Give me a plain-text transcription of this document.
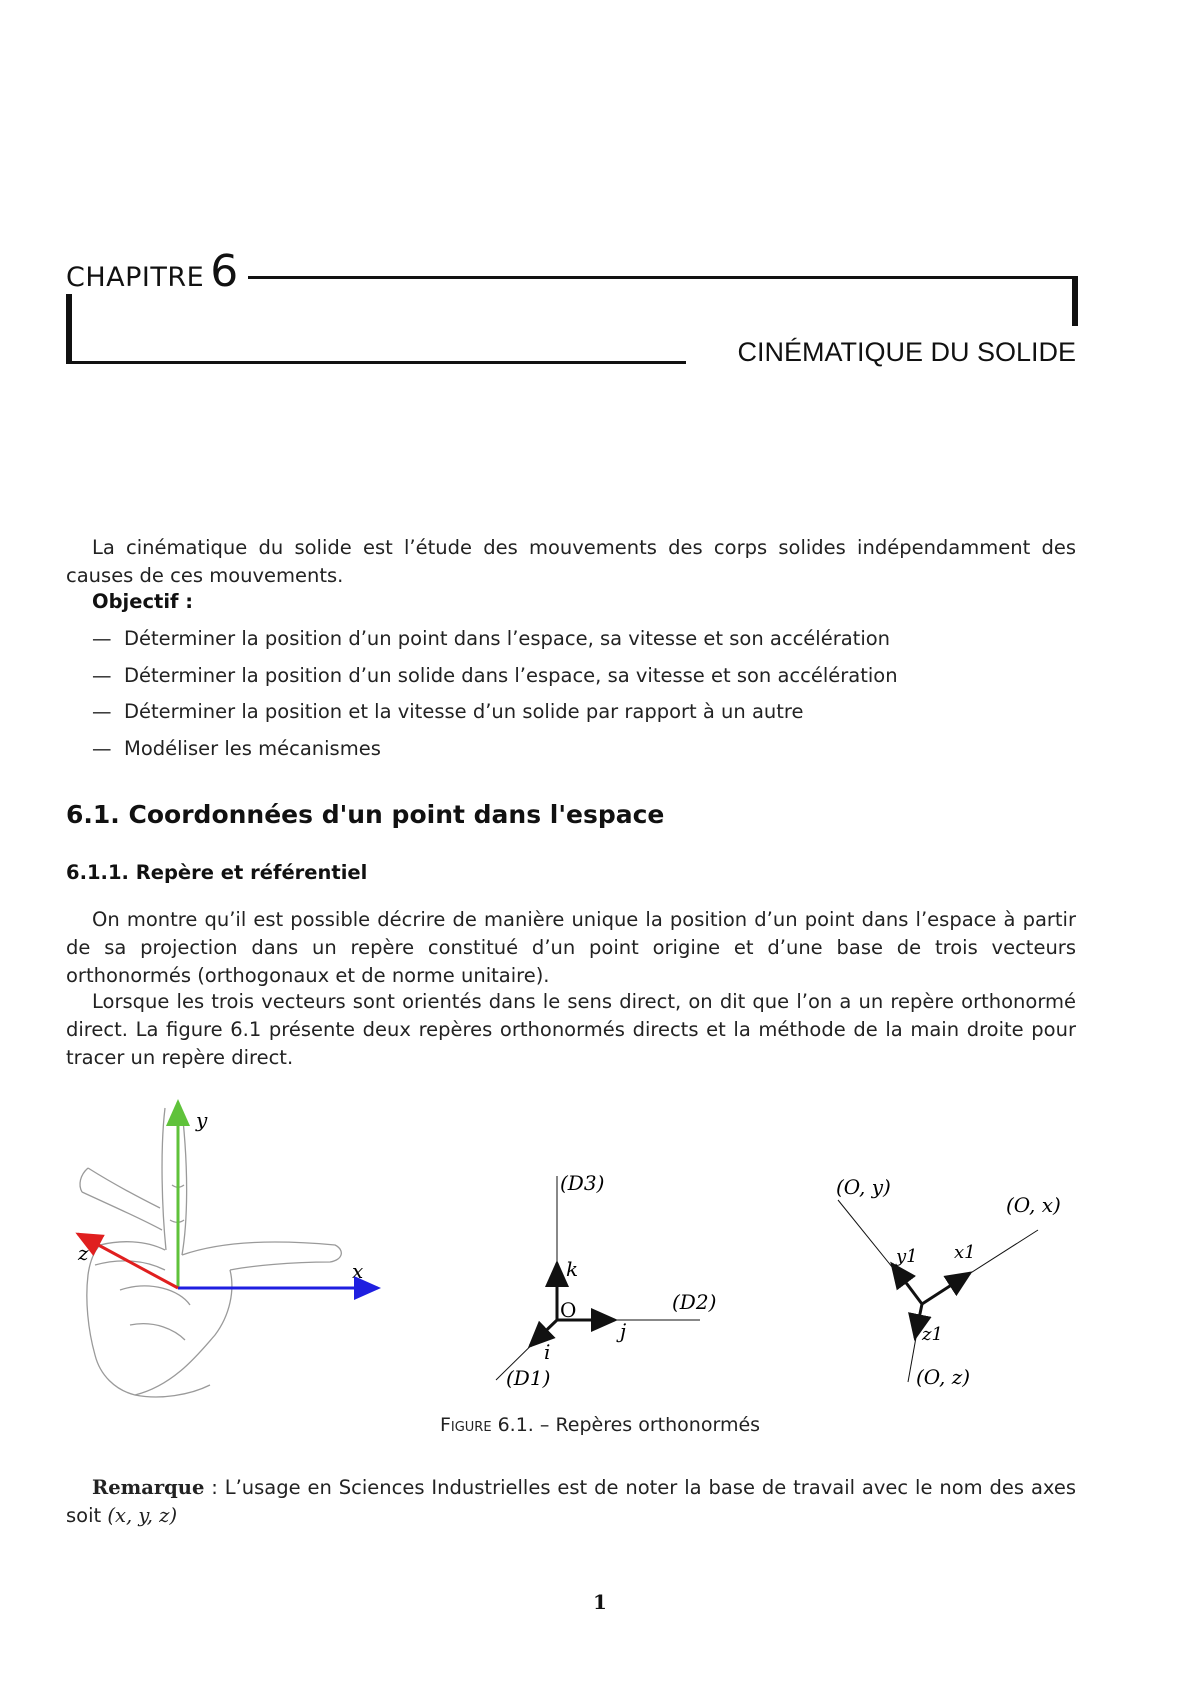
CHAPITRE 6
CINÉMATIQUE DU SOLIDE

La cinématique du solide est l’étude des mouvements des corps solides indépendamment des causes de ces mouvements.

Objectif :
— Déterminer la position d’un point dans l’espace, sa vitesse et son accélération
— Déterminer la position d’un solide dans l’espace, sa vitesse et son accélération
— Déterminer la position et la vitesse d’un solide par rapport à un autre
— Modéliser les mécanismes
6.1. Coordonnées d'un point dans l'espace
6.1.1. Repère et référentiel

On montre qu’il est possible décrire de manière unique la position d’un point dans l’espace à partir de sa projection dans un repère constitué d’un point origine et d’une base de trois vecteurs orthonormés (orthogonaux et de norme unitaire).

Lorsque les trois vecteurs sont orientés dans le sens direct, on dit que l’on a un repère orthonormé direct. La figure 6.1 présente deux repères orthonormés directs et la méthode de la main droite pour tracer un repère direct.

y
x
z
(D3)
(D2)
(D1)
O
k
j
i
(O, y)
(O, x)
(O, z)
y1 x1
z1
Figure 6.1. – Repères orthonormés
Remarque : L’usage en Sciences Industrielles est de noter la base de travail avec le nom des axes soit (x, y, z)
1
